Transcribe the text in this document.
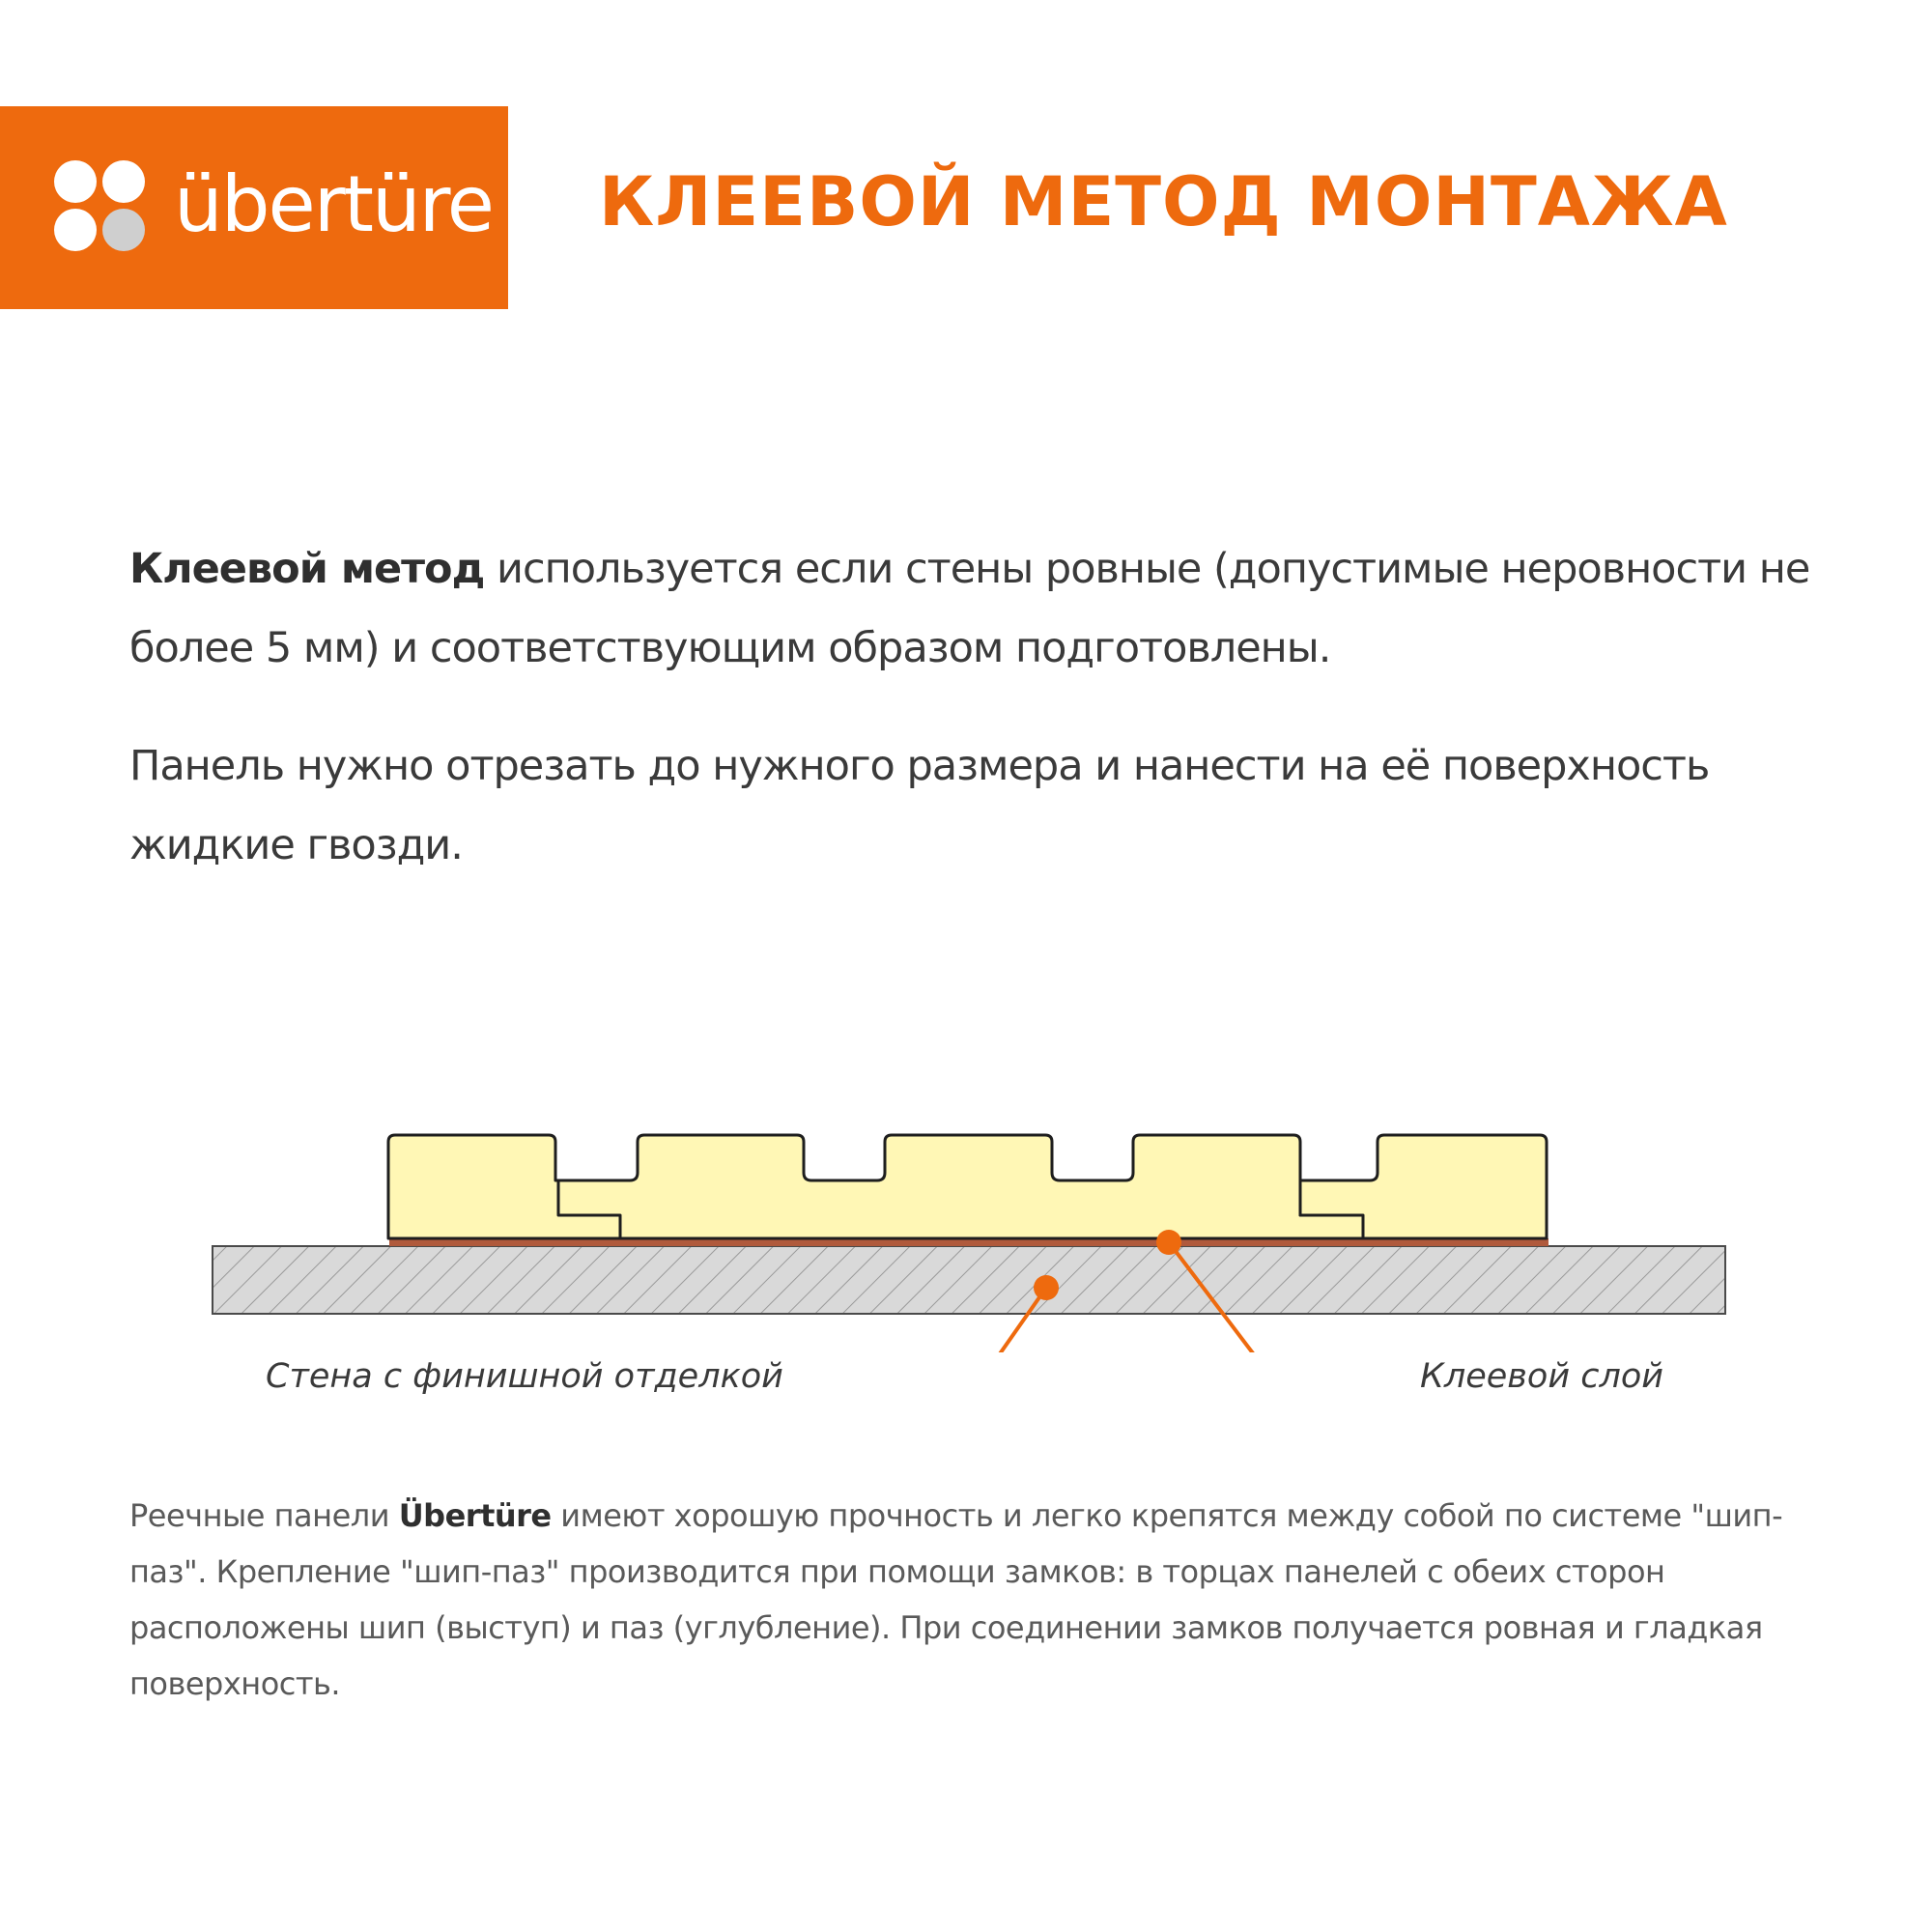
übertüre КЛЕЕВОЙ МЕТОД МОНТАЖА
Клеевой метод используется если стены ровные (допустимые неровности не более 5 мм) и соответствующим образом подготовлены.
Панель нужно отрезать до нужного размера и нанести на её поверхность жидкие гвозди.
Стена с финишной отделкой	Клеевой слой
Реечные панели Übertüre имеют хорошую прочность и легко крепятся между собой по системе "шип-паз". Крепление "шип-паз" производится при помощи замков: в торцах панелей с обеих сторон расположены шип (выступ) и паз (углубление). При соединении замков получается ровная и гладкая поверхность.
